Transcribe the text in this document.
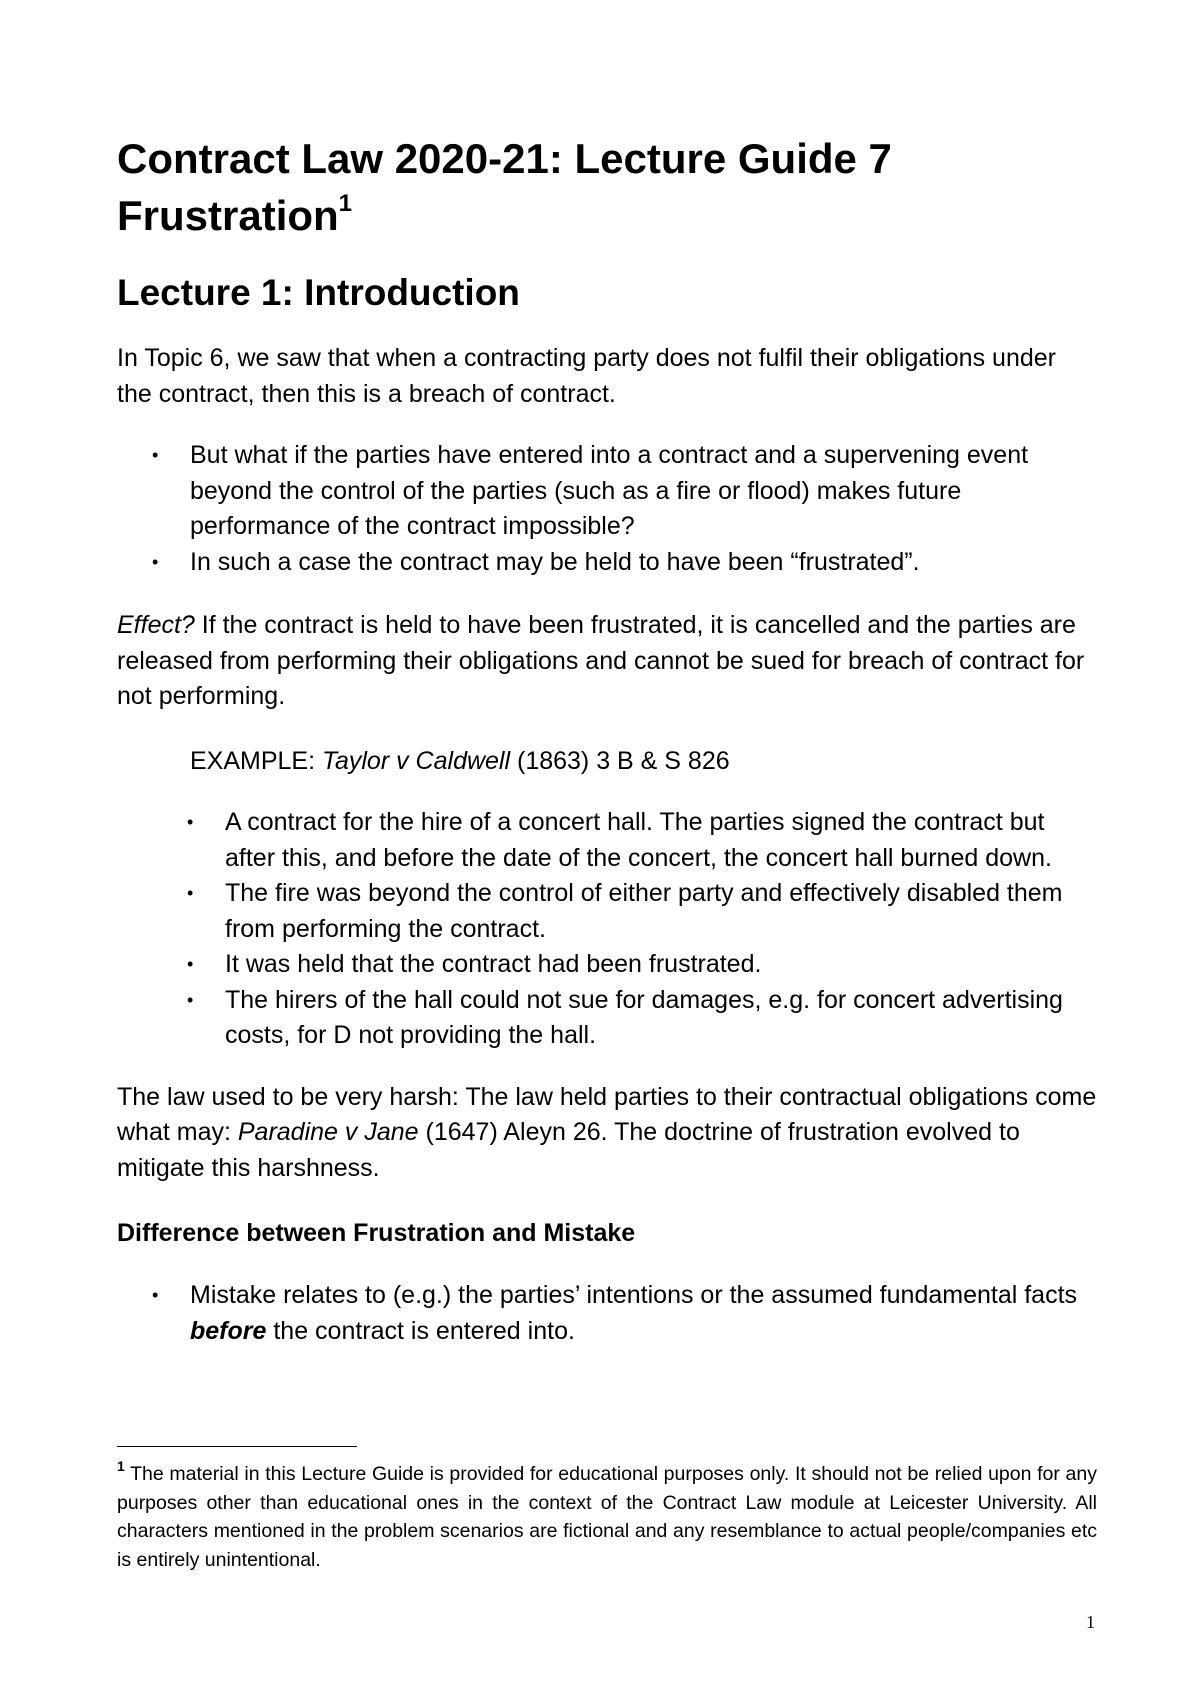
Contract Law 2020-21: Lecture Guide 7
Frustration$^1$
Lecture 1: Introduction

In Topic 6, we saw that when a contracting party does not fulfil their obligations under the contract, then this is a breach of contract.

• But what if the parties have entered into a contract and a supervening event beyond the control of the parties (such as a fire or flood) makes future performance of the contract impossible?
• In such a case the contract may be held to have been “frustrated”.

Effect? If the contract is held to have been frustrated, it is cancelled and the parties are released from performing their obligations and cannot be sued for breach of contract for not performing.

EXAMPLE: Taylor v Caldwell (1863) 3 B & S 826

• A contract for the hire of a concert hall. The parties signed the contract but after this, and before the date of the concert, the concert hall burned down.
• The fire was beyond the control of either party and effectively disabled them from performing the contract.
• It was held that the contract had been frustrated.
• The hirers of the hall could not sue for damages, e.g. for concert advertising costs, for D not providing the hall.

The law used to be very harsh: The law held parties to their contractual obligations come what may: Paradine v Jane (1647) Aleyn 26. The doctrine of frustration evolved to mitigate this harshness.

Difference between Frustration and Mistake
• Mistake relates to (e.g.) the parties’ intentions or the assumed fundamental facts before the contract is entered into.
$^1$ The material in this Lecture Guide is provided for educational purposes only. It should not be relied upon for any purposes other than educational ones in the context of the Contract Law module at Leicester University. All characters mentioned in the problem scenarios are fictional and any resemblance to actual people/companies etc is entirely unintentional.
1
